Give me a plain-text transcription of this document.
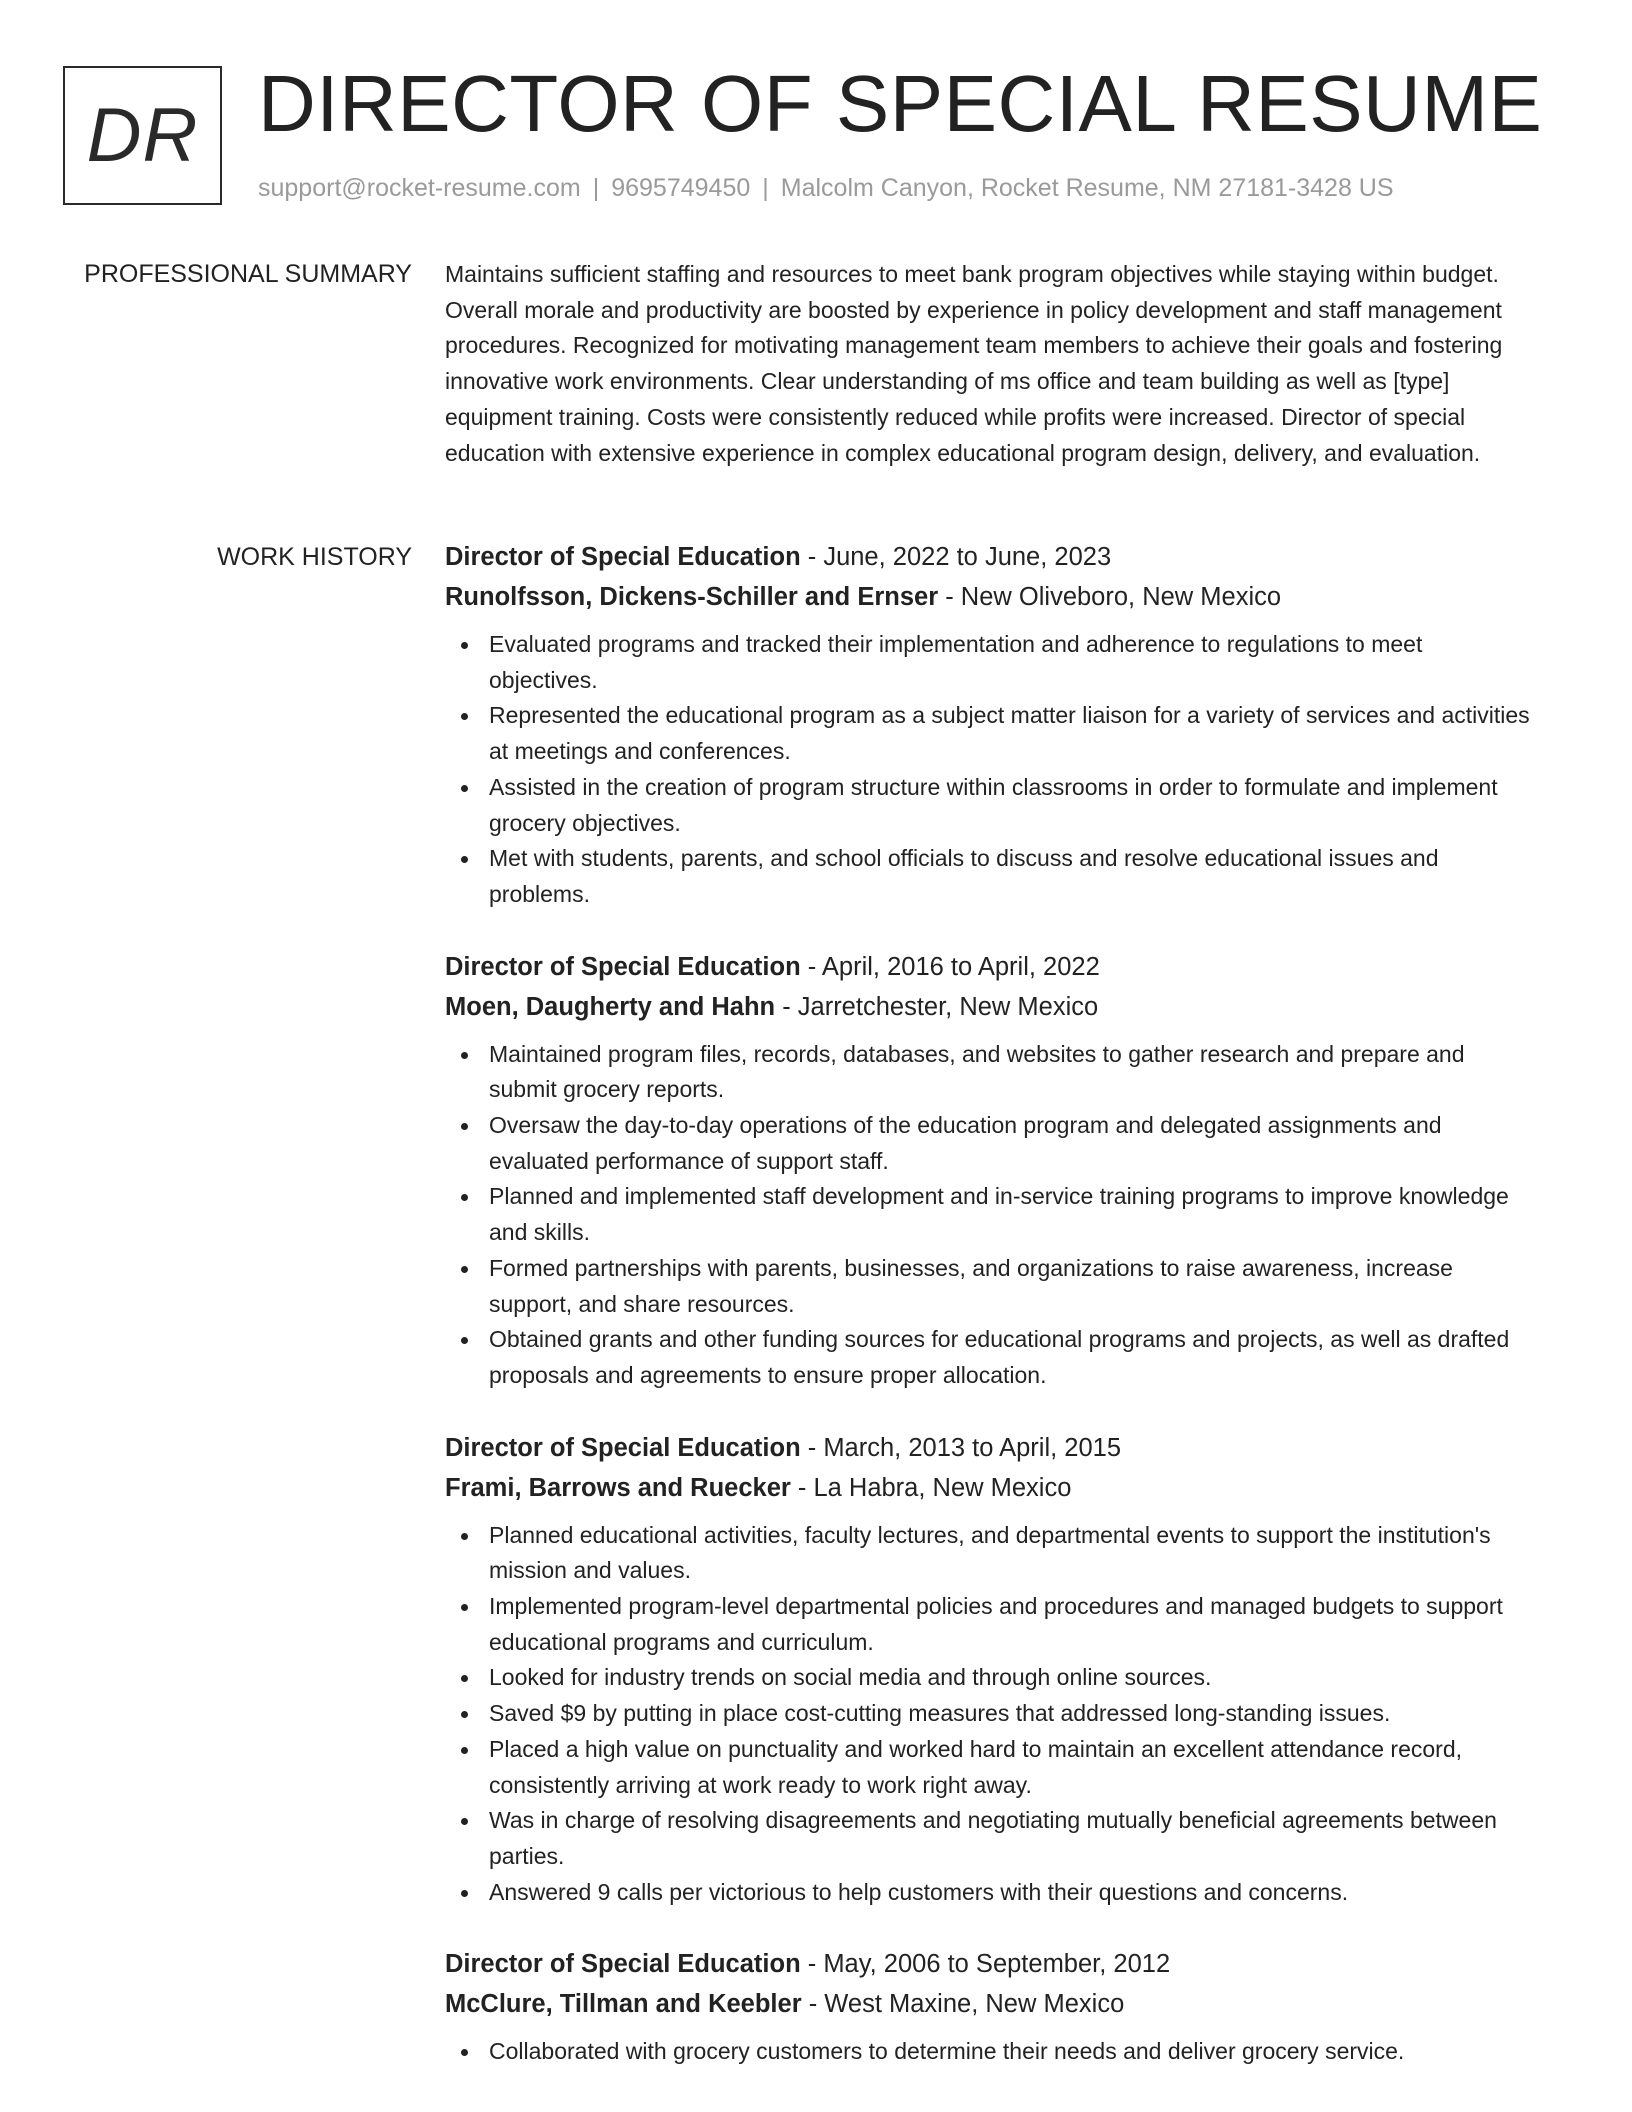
DR DIRECTOR OF SPECIAL RESUME
support@rocket-resume.com | 9695749450 | Malcolm Canyon, Rocket Resume, NM 27181-3428 US
PROFESSIONAL SUMMARY Maintains sufficient staffing and resources to meet bank program objectives while staying within budget. Overall morale and productivity are boosted by experience in policy development and staff management procedures. Recognized for motivating management team members to achieve their goals and fostering innovative work environments. Clear understanding of ms office and team building as well as [type] equipment training. Costs were consistently reduced while profits were increased. Director of special education with extensive experience in complex educational program design, delivery, and evaluation.

WORK HISTORY Director of Special Education - June, 2022 to June, 2023
Runolfsson, Dickens-Schiller and Ernser - New Oliveboro, New Mexico
Evaluated programs and tracked their implementation and adherence to regulations to meet objectives.
Represented the educational program as a subject matter liaison for a variety of services and activities at meetings and conferences.
Assisted in the creation of program structure within classrooms in order to formulate and implement grocery objectives.
Met with students, parents, and school officials to discuss and resolve educational issues and problems.
Director of Special Education - April, 2016 to April, 2022
Moen, Daugherty and Hahn - Jarretchester, New Mexico
Maintained program files, records, databases, and websites to gather research and prepare and submit grocery reports.
Oversaw the day-to-day operations of the education program and delegated assignments and evaluated performance of support staff.
Planned and implemented staff development and in-service training programs to improve knowledge and skills.
Formed partnerships with parents, businesses, and organizations to raise awareness, increase support, and share resources.
Obtained grants and other funding sources for educational programs and projects, as well as drafted proposals and agreements to ensure proper allocation.
Director of Special Education - March, 2013 to April, 2015
Frami, Barrows and Ruecker - La Habra, New Mexico
Planned educational activities, faculty lectures, and departmental events to support the institution's mission and values.
Implemented program-level departmental policies and procedures and managed budgets to support educational programs and curriculum.
Looked for industry trends on social media and through online sources.
Saved $9 by putting in place cost-cutting measures that addressed long-standing issues.
Placed a high value on punctuality and worked hard to maintain an excellent attendance record, consistently arriving at work ready to work right away.
Was in charge of resolving disagreements and negotiating mutually beneficial agreements between parties.
Answered 9 calls per victorious to help customers with their questions and concerns.
Director of Special Education - May, 2006 to September, 2012
McClure, Tillman and Keebler - West Maxine, New Mexico
Collaborated with grocery customers to determine their needs and deliver grocery service.
